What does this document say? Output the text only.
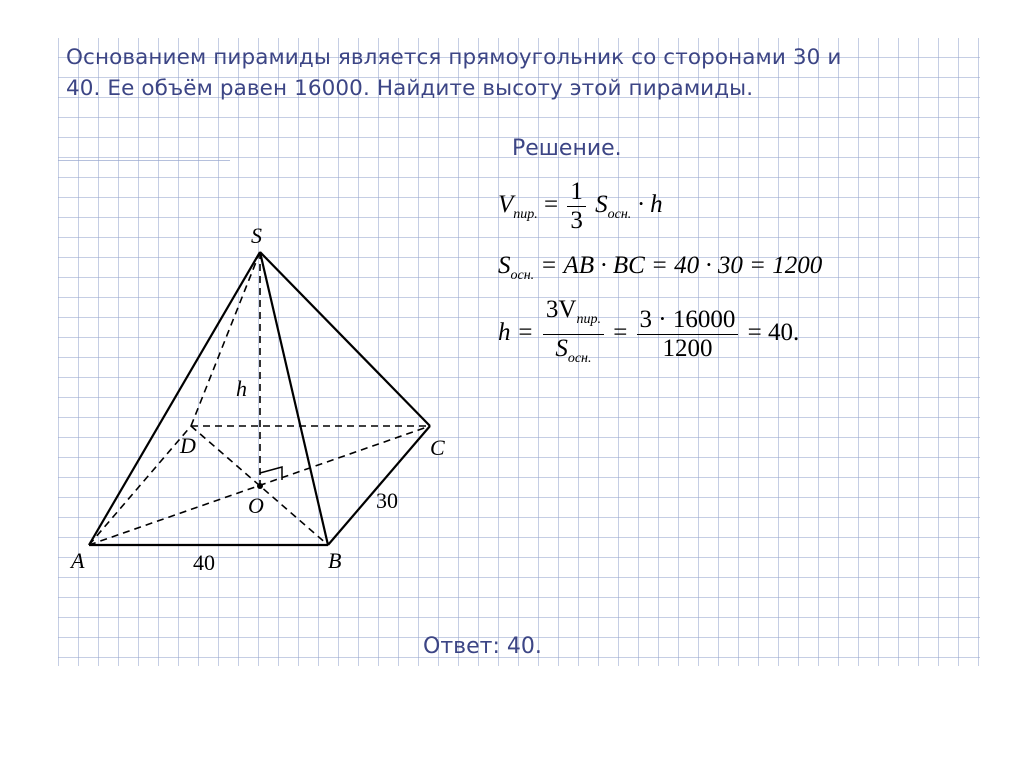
Основанием пирамиды является прямоугольник со сторонами 30 и
40. Ее объём равен 16000. Найдите высоту этой пирамиды.
Решение.
$V_{пир.} = \frac{1}{3} S_{осн.} \cdot h$
$S_{осн.}$ = AB · BC = 40 · 30 = 1200
$h = \frac{3V_{пир.}}{S_{осн.}} = \frac{3 \cdot 16000}{1200} = 40$.
Ответ: 40.
S
A	B
C
D
O
h
40
30
